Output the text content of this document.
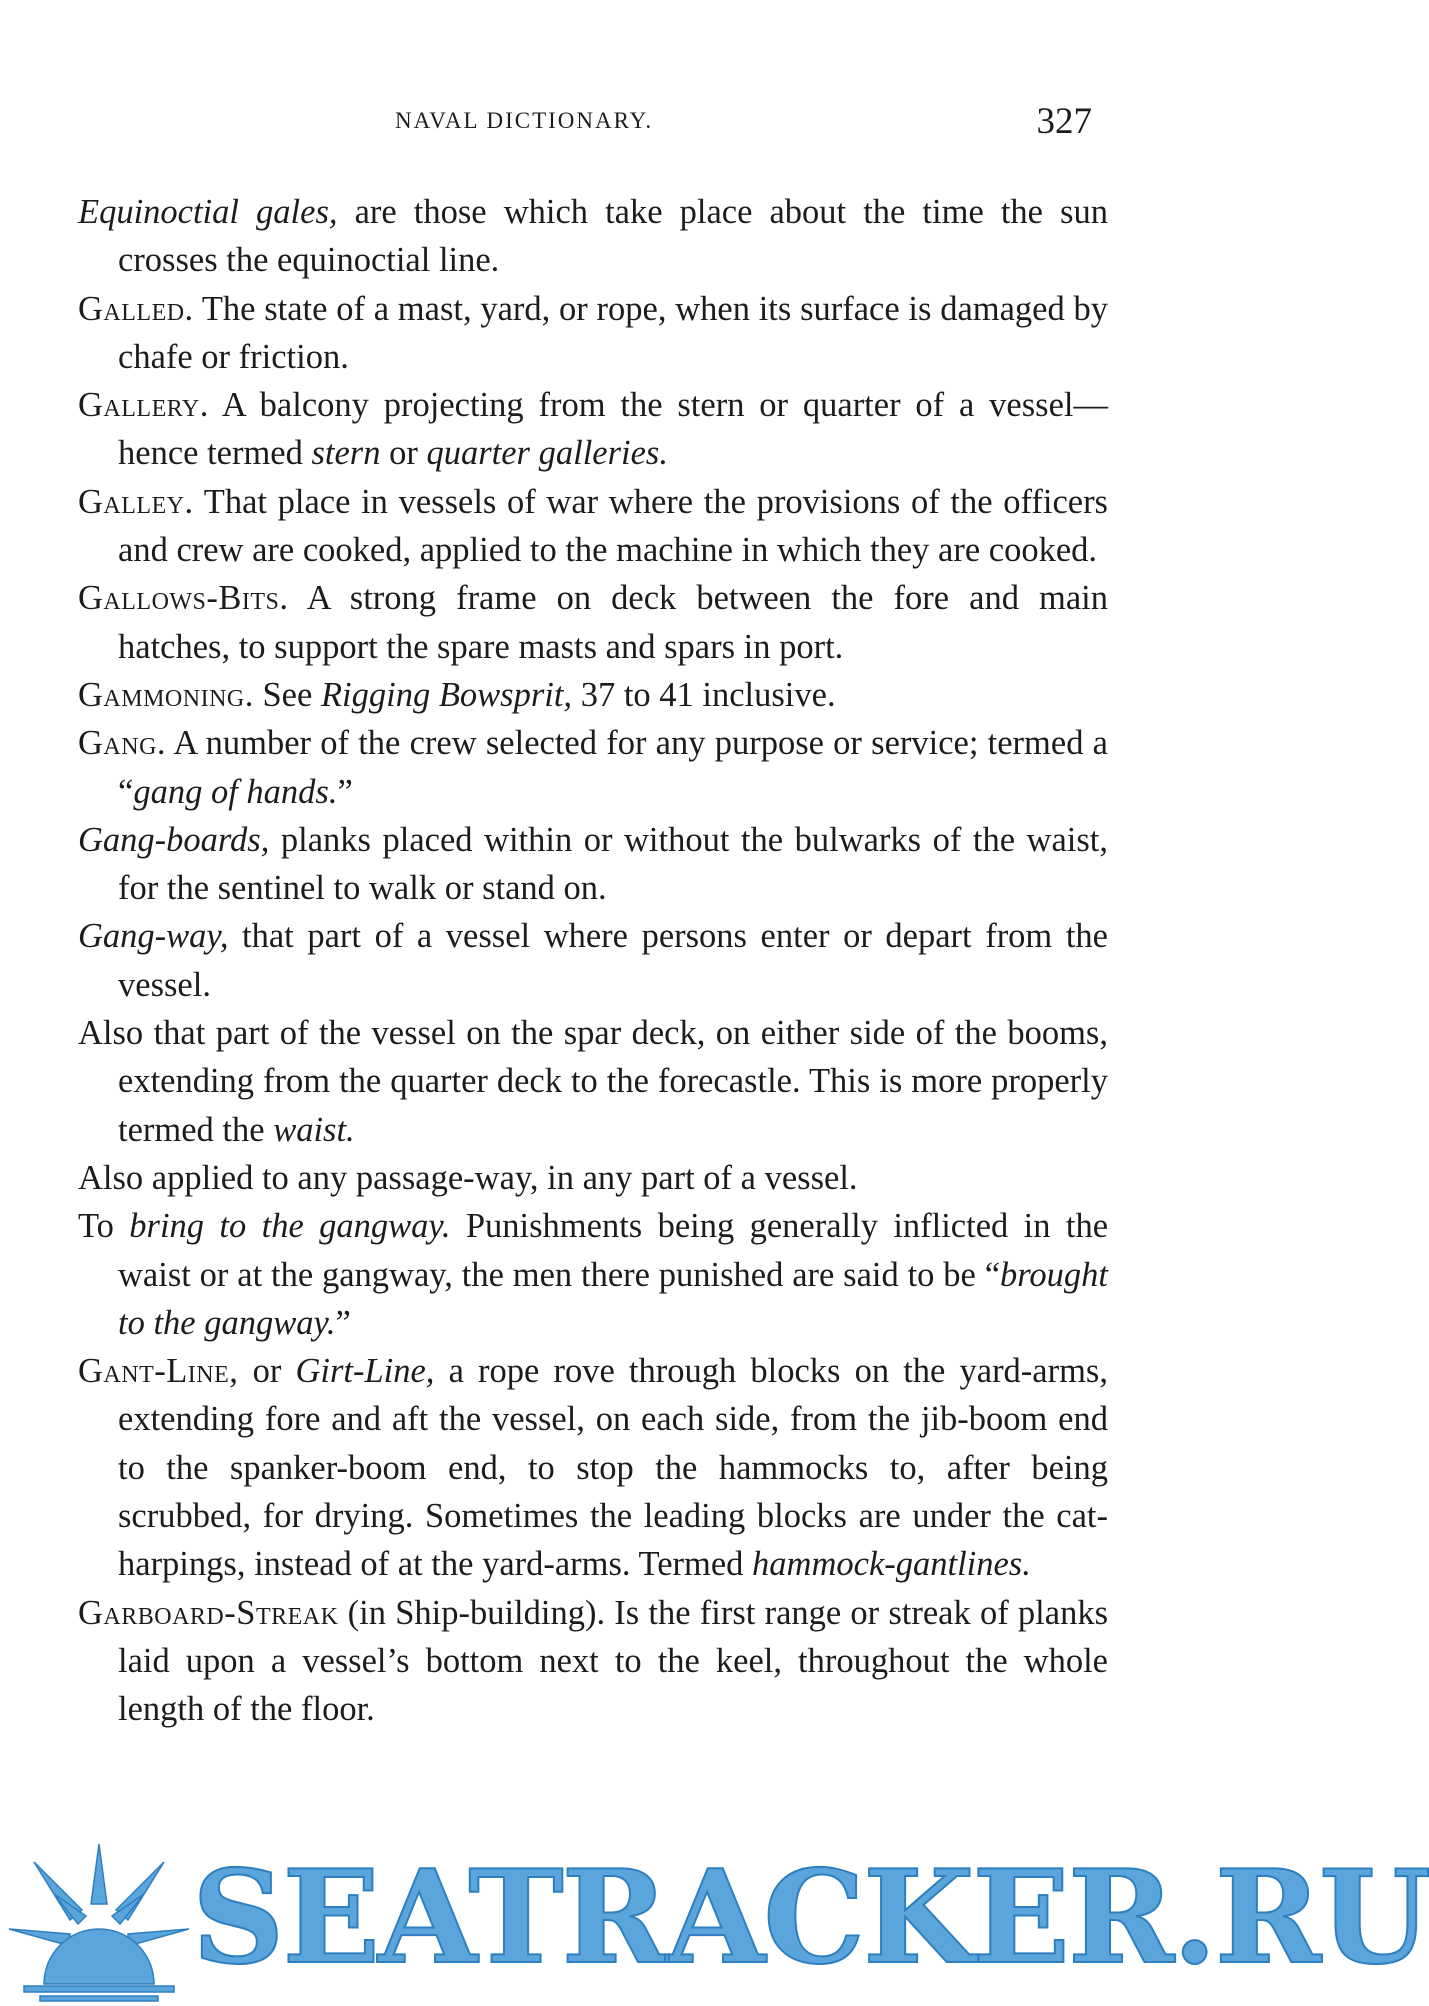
NAVAL DICTIONARY.	327

Equinoctial gales, are those which take place about the time the sun crosses the equinoctial line.

Galled. The state of a mast, yard, or rope, when its surface is damaged by chafe or friction.

Gallery. A balcony projecting from the stern or quarter of a vessel—hence termed stern or quarter galleries.

Galley. That place in vessels of war where the provisions of the officers and crew are cooked, applied to the machine in which they are cooked.

Gallows-Bits. A strong frame on deck between the fore and main hatches, to support the spare masts and spars in port.

Gammoning. See Rigging Bowsprit, 37 to 41 inclusive.

Gang. A number of the crew selected for any purpose or service; termed a “gang of hands.”

Gang-boards, planks placed within or without the bulwarks of the waist, for the sentinel to walk or stand on.

Gang-way, that part of a vessel where persons enter or depart from the vessel.

Also that part of the vessel on the spar deck, on either side of the booms, extending from the quarter deck to the forecastle. This is more properly termed the waist.

Also applied to any passage-way, in any part of a vessel.

To bring to the gangway. Punishments being generally inflicted in the waist or at the gangway, the men there punished are said to be “brought to the gangway.”

Gant-Line, or Girt-Line, a rope rove through blocks on the yard-arms, extending fore and aft the vessel, on each side, from the jib-boom end to the spanker-boom end, to stop the hammocks to, after being scrubbed, for drying. Sometimes the leading blocks are under the cat-harpings, instead of at the yard-arms. Termed hammock-gantlines.

Garboard-Streak (in Ship-building). Is the first range or streak of planks laid upon a vessel’s bottom next to the keel, throughout the whole length of the floor.

SEATRACKER.RU
